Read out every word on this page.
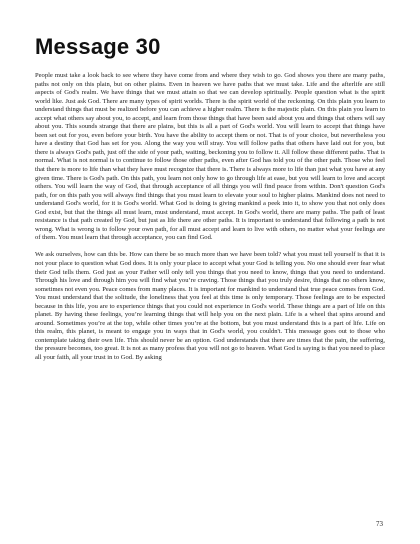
Message 30

People must take a look back to see where they have come from and where they wish to go. God shows you there are many paths, paths not only on this plain, but on other plains. Even in heaven we have paths that we must take. Life and the afterlife are still aspects of God's realm. We have things that we must attain so that we can develop spiritually. People question what is the spirit world like. Just ask God. There are many types of spirit worlds. There is the spirit world of the reckoning. On this plain you learn to understand things that must be realized before you can achieve a higher realm. There is the majestic plain. On this plain you learn to accept what others say about you, to accept, and learn from those things that have been said about you and things that others will say about you. This sounds strange that there are plains, but this is all a part of God's world. You will learn to accept that things have been set out for you, even before your birth. You have the ability to accept them or not. That is of your choice, but nevertheless you have a destiny that God has set for you. Along the way you will stray. You will follow paths that others have laid out for you, but there is always God's path, just off the side of your path, waiting, beckoning you to follow it. All follow these different paths. That is normal. What is not normal is to continue to follow those other paths, even after God has told you of the other path. Those who feel that there is more to life than what they have must recognize that there is. There is always more to life than just what you have at any given time. There is God's path. On this path, you learn not only how to go through life at ease, but you will learn to love and accept others. You will learn the way of God, that through acceptance of all things you will find peace from within. Don't question God's path, for on this path you will always find things that you must learn to elevate your soul to higher plains. Mankind does not need to understand God's world, for it is God's world. What God is doing is giving mankind a peek into it, to show you that not only does God exist, but that the things all must learn, must understand, must accept. In God's world, there are many paths. The path of least resistance is that path created by God, but just as life there are other paths. It is important to understand that following a path is not wrong. What is wrong is to follow your own path, for all must accept and learn to live with others, no matter what your feelings are of them. You must learn that through acceptance, you can find God.

We ask ourselves, how can this be. How can there be so much more than we have been told? what you must tell yourself is that it is not your place to question what God does. It is only your place to accept what your God is telling you. No one should ever fear what their God tells them. God just as your Father will only tell you things that you need to know, things that you need to understand. Through his love and through him you will find what you’re craving. Those things that you truly desire, things that no others know, sometimes not even you. Peace comes from many places. It is important for mankind to understand that true peace comes from God. You must understand that the solitude, the loneliness that you feel at this time is only temporary. Those feelings are to be expected because in this life, you are to experience things that you could not experience in God's world. These things are a part of life on this planet. By having these feelings, you’re learning things that will help you on the next plain. Life is a wheel that spins around and around. Sometimes you’re at the top, while other times you’re at the bottom, but you must understand this is a part of life. Life on this realm, this planet, is meant to engage you in ways that in God's world, you couldn't. This message goes out to those who contemplate taking their own life. This should never be an option. God understands that there are times that the pain, the suffering, the pressure becomes, too great. It is not as many profess that you will not go to heaven. What God is saying is that you need to place all your faith, all your trust in to God. By asking

73
